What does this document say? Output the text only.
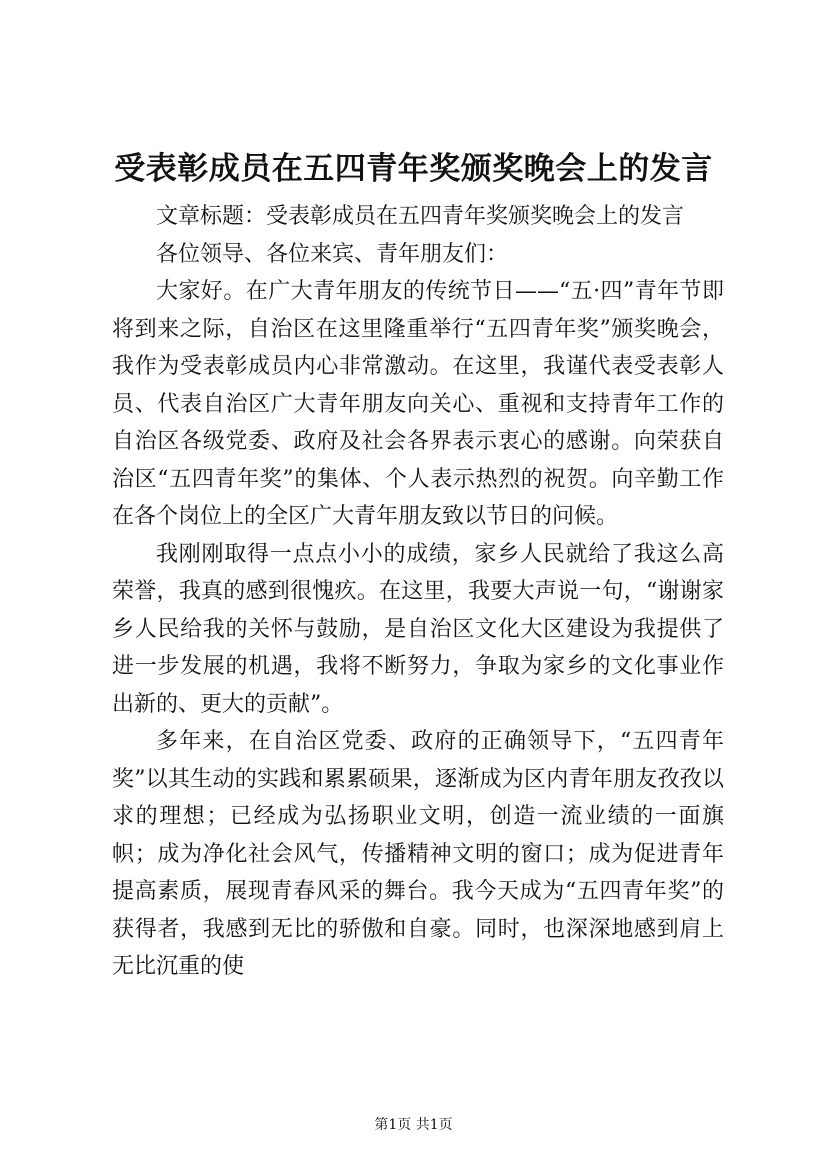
受表彰成员在五四青年奖颁奖晚会上的发言

文章标题：受表彰成员在五四青年奖颁奖晚会上的发言

各位领导、各位来宾、青年朋友们：

大家好。在广大青年朋友的传统节日——“五·四”青年节即将到来之际，自治区在这里隆重举行“五四青年奖”颁奖晚会，我作为受表彰成员内心非常激动。在这里，我谨代表受表彰人员、代表自治区广大青年朋友向关心、重视和支持青年工作的自治区各级党委、政府及社会各界表示衷心的感谢。向荣获自治区“五四青年奖”的集体、个人表示热烈的祝贺。向辛勤工作在各个岗位上的全区广大青年朋友致以节日的问候。

我刚刚取得一点点小小的成绩，家乡人民就给了我这么高荣誉，我真的感到很愧疚。在这里，我要大声说一句，“谢谢家乡人民给我的关怀与鼓励，是自治区文化大区建设为我提供了进一步发展的机遇，我将不断努力，争取为家乡的文化事业作出新的、更大的贡献”。

多年来，在自治区党委、政府的正确领导下，“五四青年奖”以其生动的实践和累累硕果，逐渐成为区内青年朋友孜孜以求的理想；已经成为弘扬职业文明，创造一流业绩的一面旗帜；成为净化社会风气，传播精神文明的窗口；成为促进青年提高素质，展现青春风采的舞台。我今天成为“五四青年奖”的获得者，我感到无比的骄傲和自豪。同时，也深深地感到肩上无比沉重的使

第1页 共1页
